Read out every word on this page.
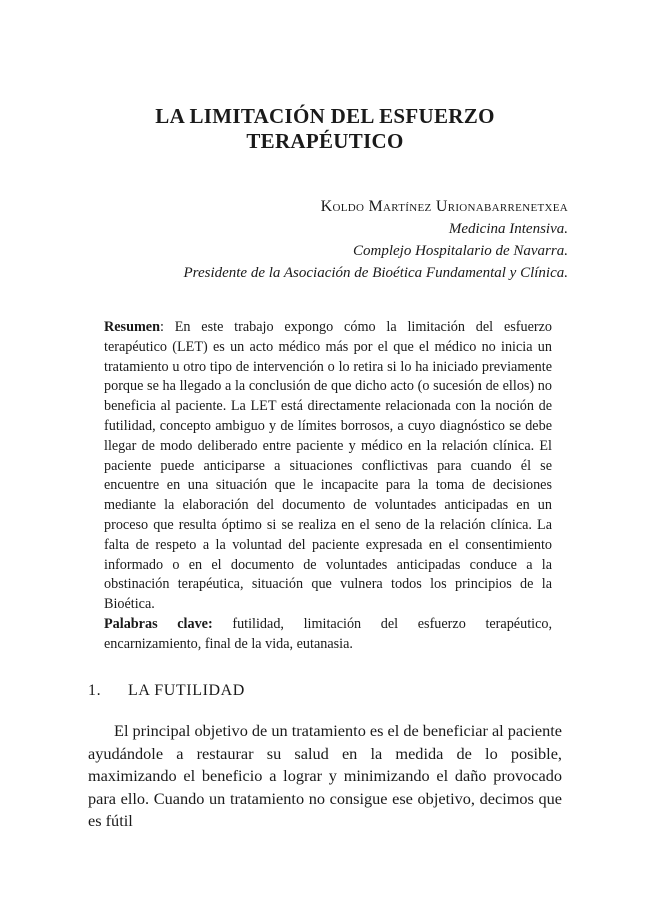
LA LIMITACIÓN DEL ESFUERZO
TERAPÉUTICO
Koldo Martínez Urionabarrenetxea
Medicina Intensiva.
Complejo Hospitalario de Navarra.
Presidente de la Asociación de Bioética Fundamental y Clínica.

Resumen: En este trabajo expongo cómo la limitación del esfuerzo terapéutico (LET) es un acto médico más por el que el médico no inicia un tratamiento u otro tipo de intervención o lo retira si lo ha iniciado previamente porque se ha llegado a la conclusión de que dicho acto (o sucesión de ellos) no beneficia al paciente. La LET está directamente relacionada con la noción de futilidad, concepto ambiguo y de límites borrosos, a cuyo diagnóstico se debe llegar de modo deliberado entre paciente y médico en la relación clínica. El paciente puede anticiparse a situaciones conflictivas para cuando él se encuentre en una situación que le incapacite para la toma de decisiones mediante la elaboración del documento de voluntades anticipadas en un proceso que resulta óptimo si se realiza en el seno de la relación clínica. La falta de respeto a la voluntad del paciente expresada en el consentimiento informado o en el documento de voluntades anticipadas conduce a la obstinación terapéutica, situación que vulnera todos los principios de la Bioética.

Palabras clave: futilidad, limitación del esfuerzo terapéutico, encarnizamiento, final de la vida, eutanasia.

1. LA FUTILIDAD

El principal objetivo de un tratamiento es el de beneficiar al paciente ayudándole a restaurar su salud en la medida de lo posible, maximizando el beneficio a lograr y minimizando el daño provocado para ello. Cuando un tratamiento no consigue ese objetivo, decimos que es fútil
